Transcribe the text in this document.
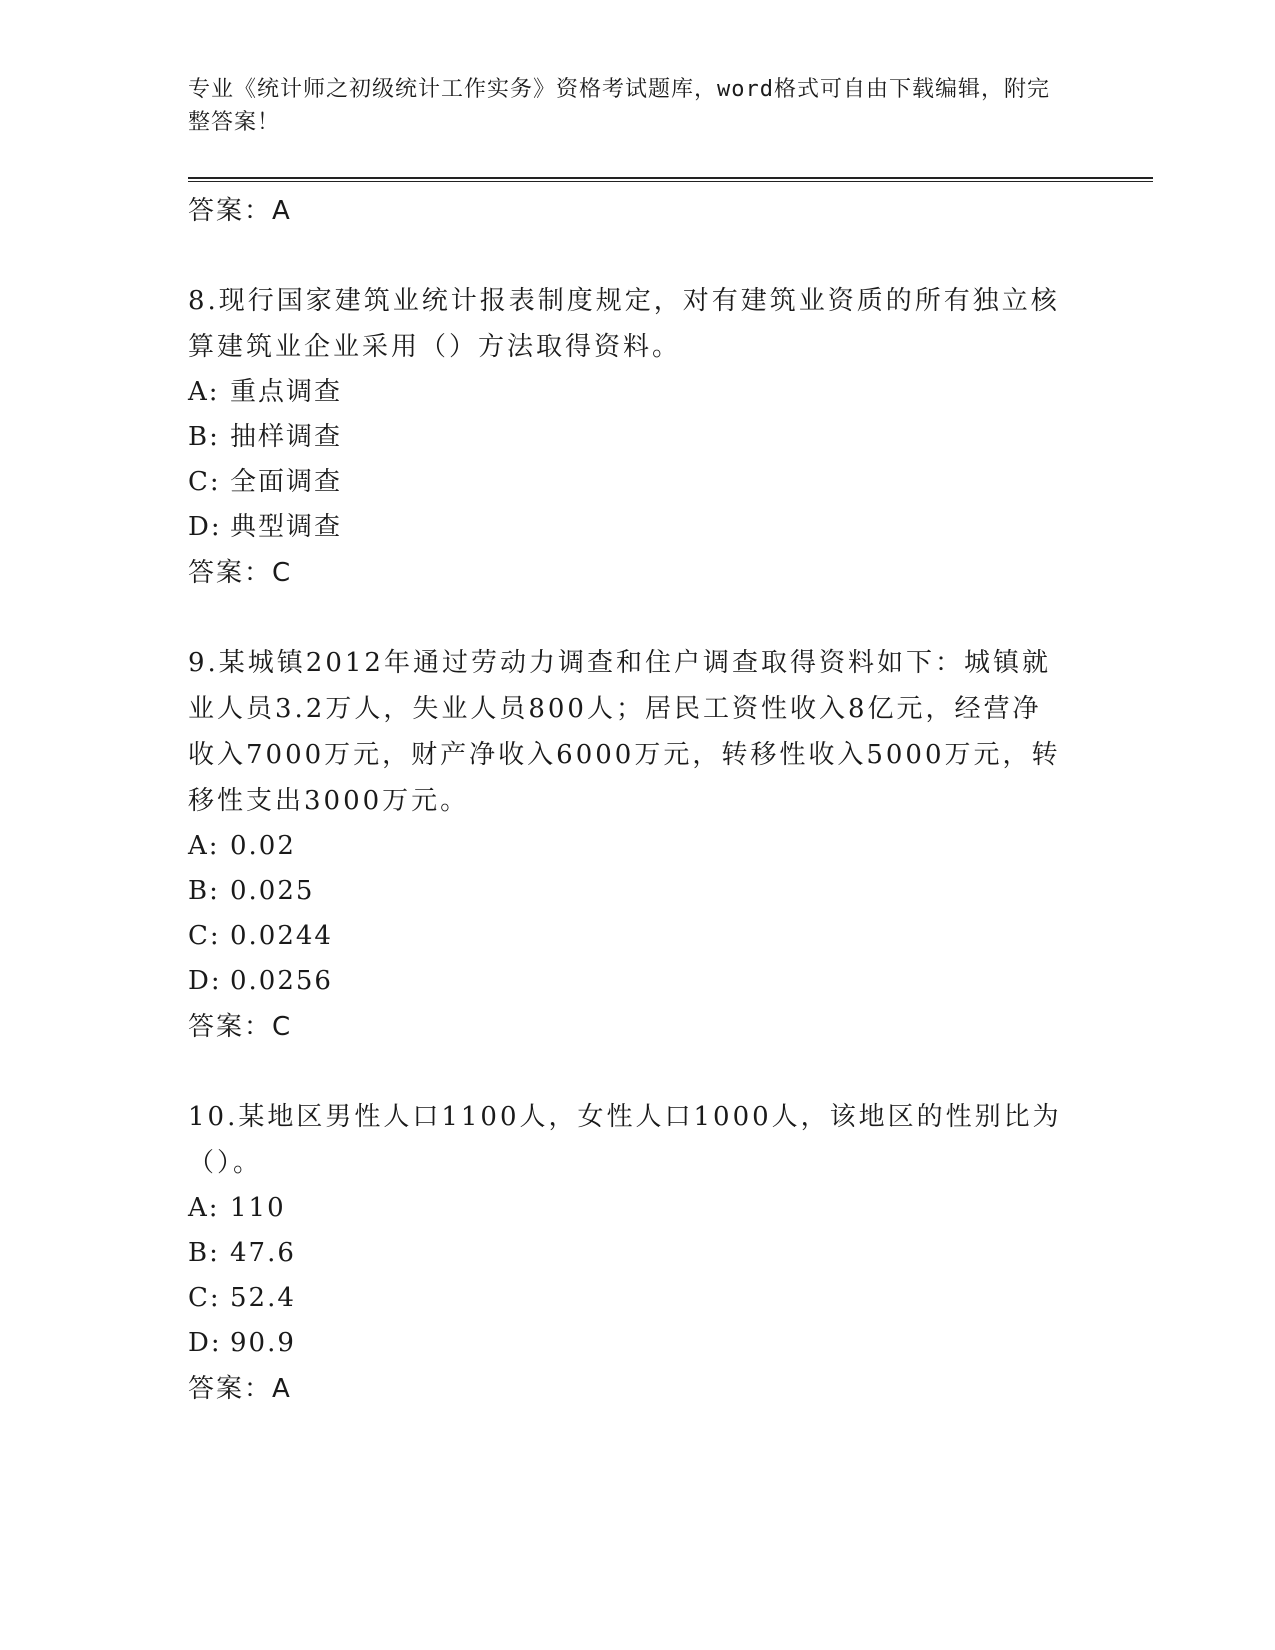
专业《统计师之初级统计工作实务》资格考试题库，word格式可自由下载编辑，附完整答案！
答案：A
8.现行国家建筑业统计报表制度规定，对有建筑业资质的所有独立核算建筑业企业采用（）方法取得资料。
A: 重点调查
B: 抽样调查
C: 全面调查
D: 典型调查
答案：C
9.某城镇2012年通过劳动力调查和住户调查取得资料如下：城镇就业人员3.2万人，失业人员800人；居民工资性收入8亿元，经营净收入7000万元，财产净收入6000万元，转移性收入5000万元，转移性支出3000万元。
A: 0.02
B: 0.025
C: 0.0244
D: 0.0256
答案：C
10.某地区男性人口1100人，女性人口1000人，该地区的性别比为（）。
A: 110
B: 47.6
C: 52.4
D: 90.9
答案：A
